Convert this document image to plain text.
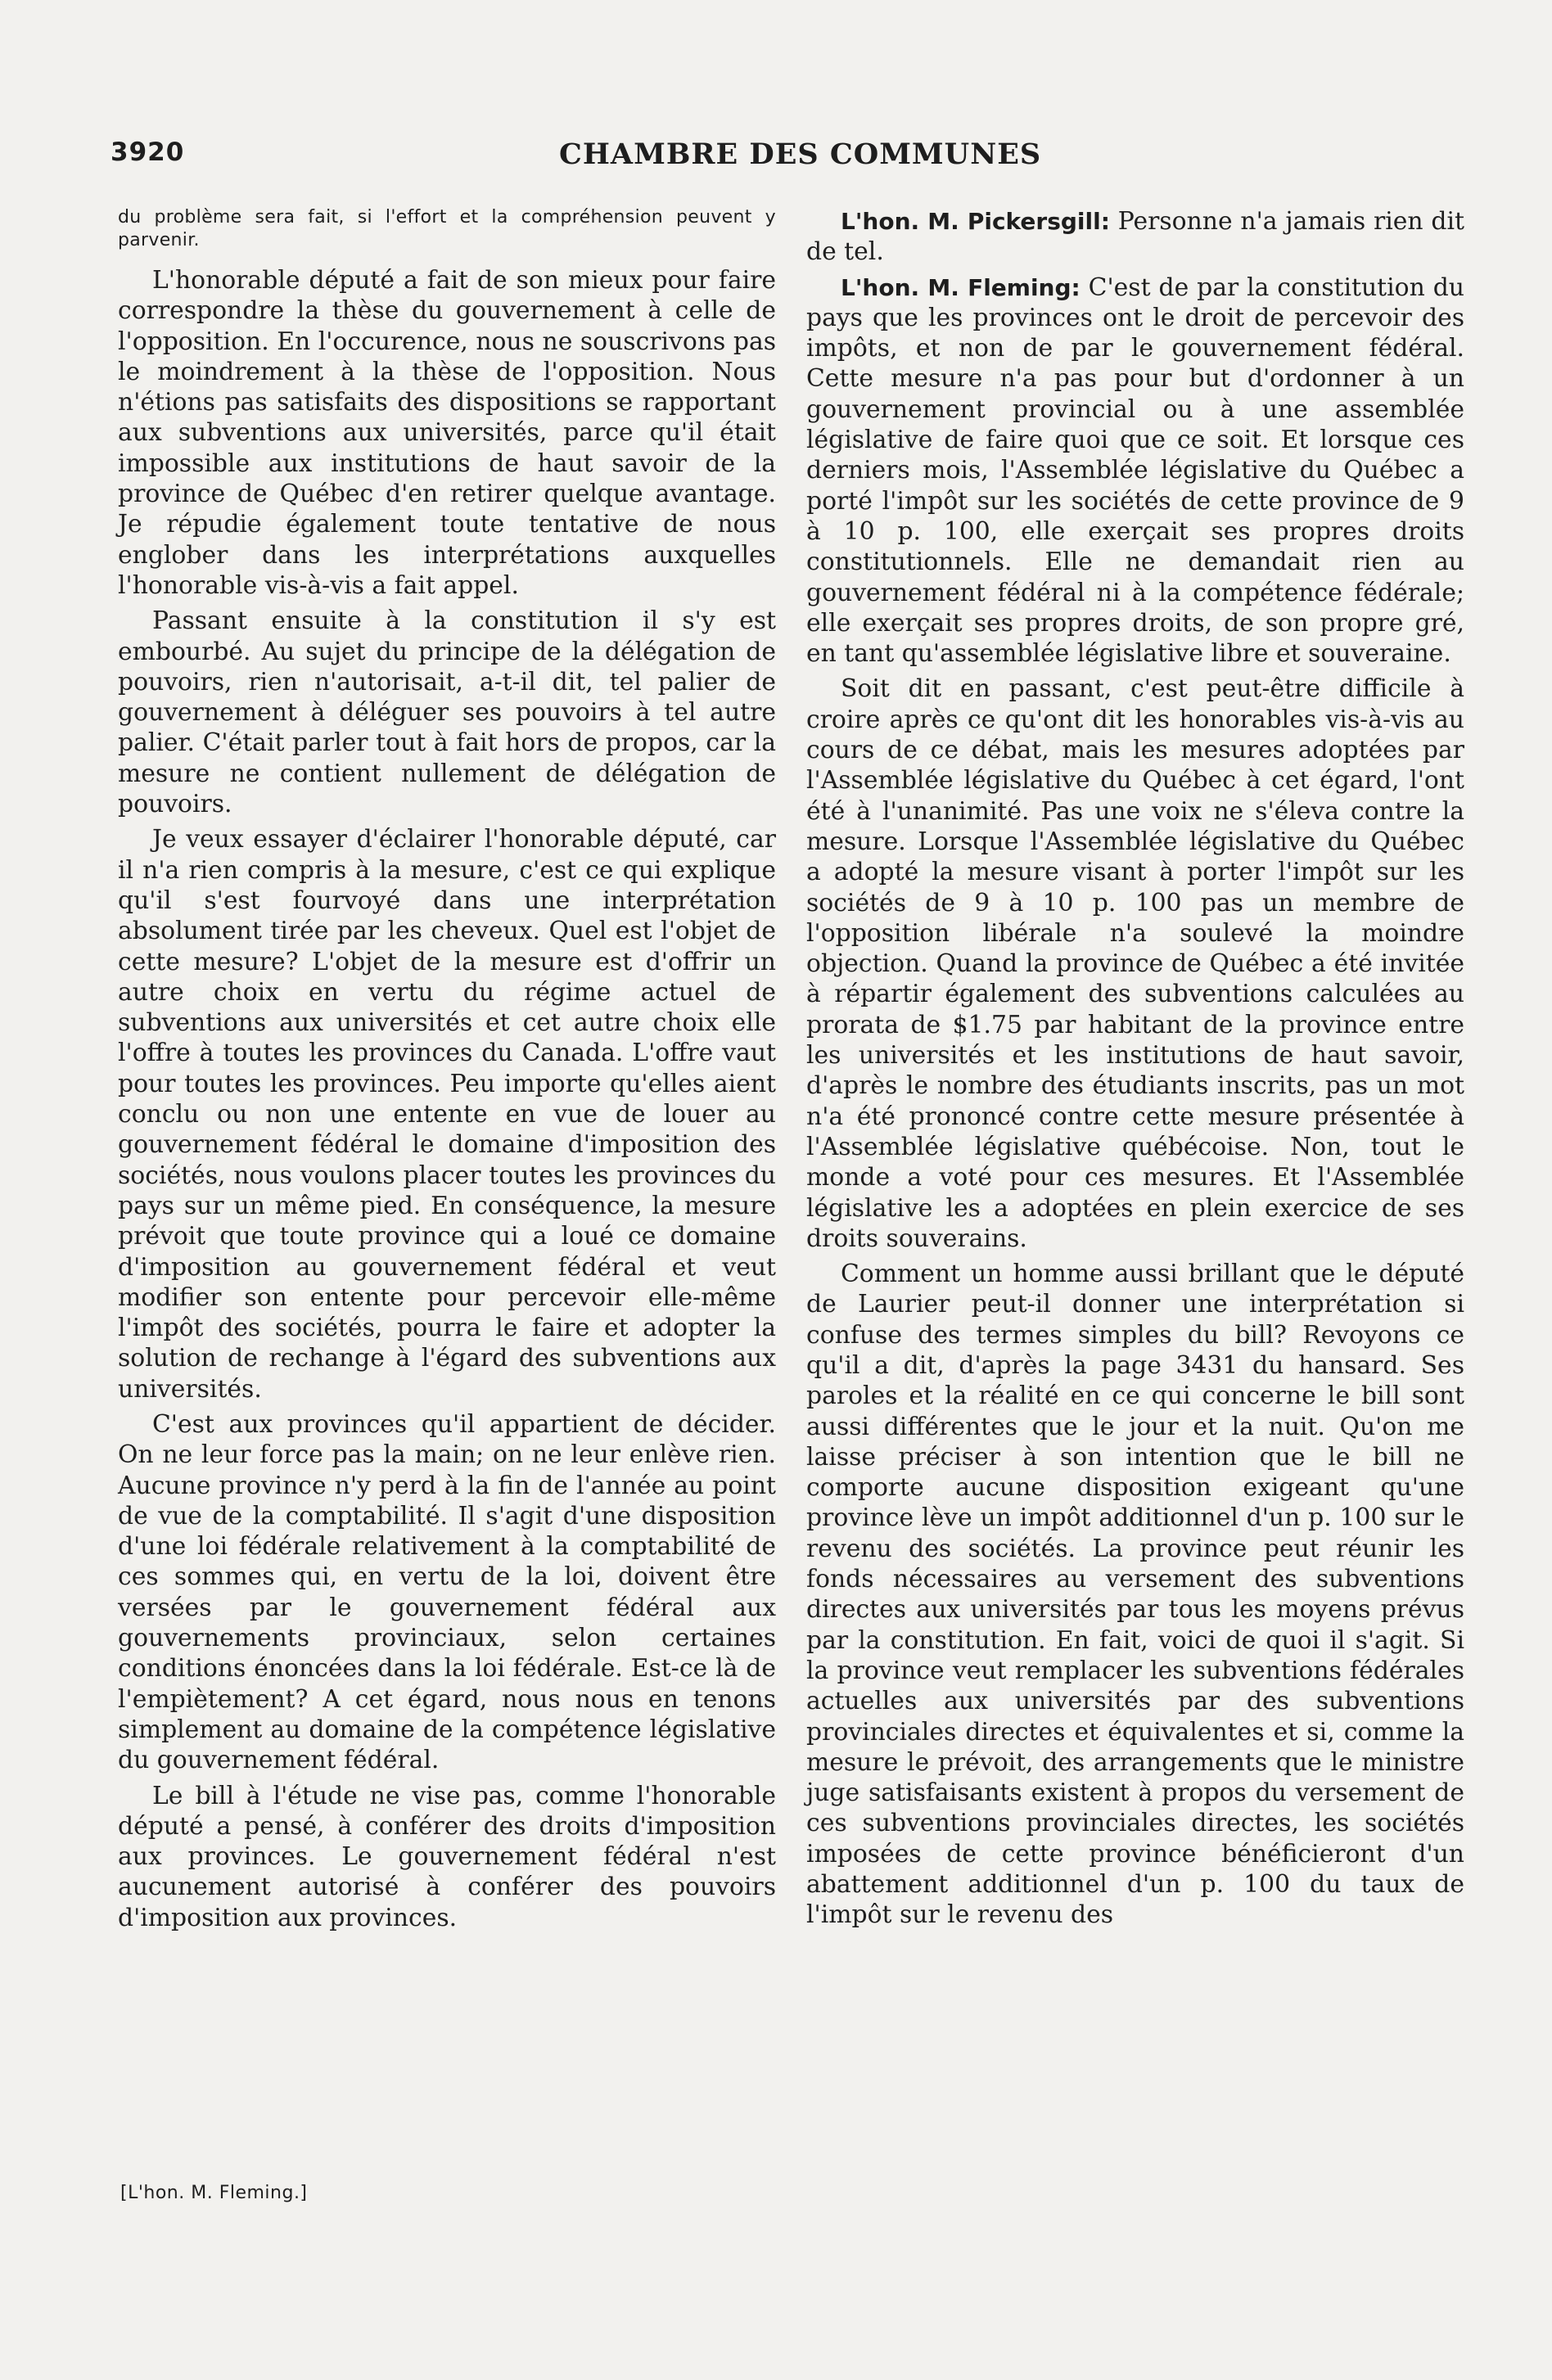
3920	CHAMBRE DES COMMUNES

du problème sera fait, si l'effort et la compréhension peuvent y parvenir.

L'honorable député a fait de son mieux pour faire correspondre la thèse du gouvernement à celle de l'opposition. En l'occurence, nous ne souscrivons pas le moindrement à la thèse de l'opposition. Nous n'étions pas satisfaits des dispositions se rapportant aux subventions aux universités, parce qu'il était impossible aux institutions de haut savoir de la province de Québec d'en retirer quelque avantage. Je répudie également toute tentative de nous englober dans les interprétations auxquelles l'honorable vis-à-vis a fait appel.

Passant ensuite à la constitution il s'y est embourbé. Au sujet du principe de la délégation de pouvoirs, rien n'autorisait, a-t-il dit, tel palier de gouvernement à déléguer ses pouvoirs à tel autre palier. C'était parler tout à fait hors de propos, car la mesure ne contient nullement de délégation de pouvoirs.

Je veux essayer d'éclairer l'honorable député, car il n'a rien compris à la mesure, c'est ce qui explique qu'il s'est fourvoyé dans une interprétation absolument tirée par les cheveux. Quel est l'objet de cette mesure? L'objet de la mesure est d'offrir un autre choix en vertu du régime actuel de subventions aux universités et cet autre choix elle l'offre à toutes les provinces du Canada. L'offre vaut pour toutes les provinces. Peu importe qu'elles aient conclu ou non une entente en vue de louer au gouvernement fédéral le domaine d'imposition des sociétés, nous voulons placer toutes les provinces du pays sur un même pied. En conséquence, la mesure prévoit que toute province qui a loué ce domaine d'imposition au gouvernement fédéral et veut modifier son entente pour percevoir elle-même l'impôt des sociétés, pourra le faire et adopter la solution de rechange à l'égard des subventions aux universités.

C'est aux provinces qu'il appartient de décider. On ne leur force pas la main; on ne leur enlève rien. Aucune province n'y perd à la fin de l'année au point de vue de la comptabilité. Il s'agit d'une disposition d'une loi fédérale relativement à la comptabilité de ces sommes qui, en vertu de la loi, doivent être versées par le gouvernement fédéral aux gouvernements provinciaux, selon certaines conditions énoncées dans la loi fédérale. Est-ce là de l'empiètement? A cet égard, nous nous en tenons simplement au domaine de la compétence législative du gouvernement fédéral.

Le bill à l'étude ne vise pas, comme l'honorable député a pensé, à conférer des droits d'imposition aux provinces. Le gouvernement fédéral n'est aucunement autorisé à conférer des pouvoirs d'imposition aux provinces.

L'hon. M. Pickersgill: Personne n'a jamais rien dit de tel.

L'hon. M. Fleming: C'est de par la constitution du pays que les provinces ont le droit de percevoir des impôts, et non de par le gouvernement fédéral. Cette mesure n'a pas pour but d'ordonner à un gouvernement provincial ou à une assemblée législative de faire quoi que ce soit. Et lorsque ces derniers mois, l'Assemblée législative du Québec a porté l'impôt sur les sociétés de cette province de 9 à 10 p. 100, elle exerçait ses propres droits constitutionnels. Elle ne demandait rien au gouvernement fédéral ni à la compétence fédérale; elle exerçait ses propres droits, de son propre gré, en tant qu'assemblée législative libre et souveraine.

Soit dit en passant, c'est peut-être difficile à croire après ce qu'ont dit les honorables vis-à-vis au cours de ce débat, mais les mesures adoptées par l'Assemblée législative du Québec à cet égard, l'ont été à l'unanimité. Pas une voix ne s'éleva contre la mesure. Lorsque l'Assemblée législative du Québec a adopté la mesure visant à porter l'impôt sur les sociétés de 9 à 10 p. 100 pas un membre de l'opposition libérale n'a soulevé la moindre objection. Quand la province de Québec a été invitée à répartir également des subventions calculées au prorata de $1.75 par habitant de la province entre les universités et les institutions de haut savoir, d'après le nombre des étudiants inscrits, pas un mot n'a été prononcé contre cette mesure présentée à l'Assemblée législative québécoise. Non, tout le monde a voté pour ces mesures. Et l'Assemblée législative les a adoptées en plein exercice de ses droits souverains.

Comment un homme aussi brillant que le député de Laurier peut-il donner une interprétation si confuse des termes simples du bill? Revoyons ce qu'il a dit, d'après la page 3431 du hansard. Ses paroles et la réalité en ce qui concerne le bill sont aussi différentes que le jour et la nuit. Qu'on me laisse préciser à son intention que le bill ne comporte aucune disposition exigeant qu'une province lève un impôt additionnel d'un p. 100 sur le revenu des sociétés. La province peut réunir les fonds nécessaires au versement des subventions directes aux universités par tous les moyens prévus par la constitution. En fait, voici de quoi il s'agit. Si la province veut remplacer les subventions fédérales actuelles aux universités par des subventions provinciales directes et équivalentes et si, comme la mesure le prévoit, des arrangements que le ministre juge satisfaisants existent à propos du versement de ces subventions provinciales directes, les sociétés imposées de cette province bénéficieront d'un abattement additionnel d'un p. 100 du taux de l'impôt sur le revenu des

[L'hon. M. Fleming.]
